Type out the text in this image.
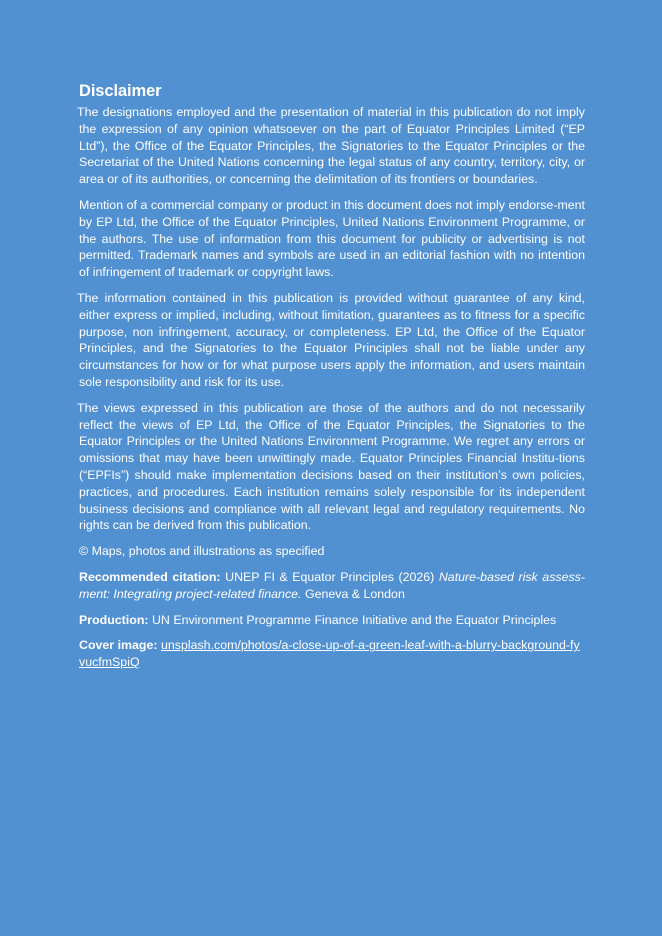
Disclaimer

The designations employed and the presentation of material in this publication do not imply the expression of any opinion whatsoever on the part of Equator Principles Limited (“EP Ltd”), the Office of the Equator Principles, the Signatories to the Equator Principles or the Secretariat of the United Nations concerning the legal status of any country, territory, city, or area or of its authorities, or concerning the delimitation of its frontiers or boundaries.

Mention of a commercial company or product in this document does not imply endorse-ment by EP Ltd, the Office of the Equator Principles, United Nations Environment Programme, or the authors. The use of information from this document for publicity or advertising is not permitted. Trademark names and symbols are used in an editorial fashion with no intention of infringement of trademark or copyright laws.

The information contained in this publication is provided without guarantee of any kind, either express or implied, including, without limitation, guarantees as to fitness for a specific purpose, non infringement, accuracy, or completeness. EP Ltd, the Office of the Equator Principles, and the Signatories to the Equator Principles shall not be liable under any circumstances for how or for what purpose users apply the information, and users maintain sole responsibility and risk for its use.

The views expressed in this publication are those of the authors and do not necessarily reflect the views of EP Ltd, the Office of the Equator Principles, the Signatories to the Equator Principles or the United Nations Environment Programme. We regret any errors or omissions that may have been unwittingly made. Equator Principles Financial Institu-tions (“EPFIs”) should make implementation decisions based on their institution’s own policies, practices, and procedures. Each institution remains solely responsible for its independent business decisions and compliance with all relevant legal and regulatory requirements. No rights can be derived from this publication.

© Maps, photos and illustrations as specified

Recommended citation: UNEP FI & Equator Principles (2026) Nature-based risk assess-ment: Integrating project-related finance. Geneva & London

Production: UN Environment Programme Finance Initiative and the Equator Principles

Cover image: unsplash.com/photos/a-close-up-of-a-green-leaf-with-a-blurry-background-fyvucfmSpiQ
